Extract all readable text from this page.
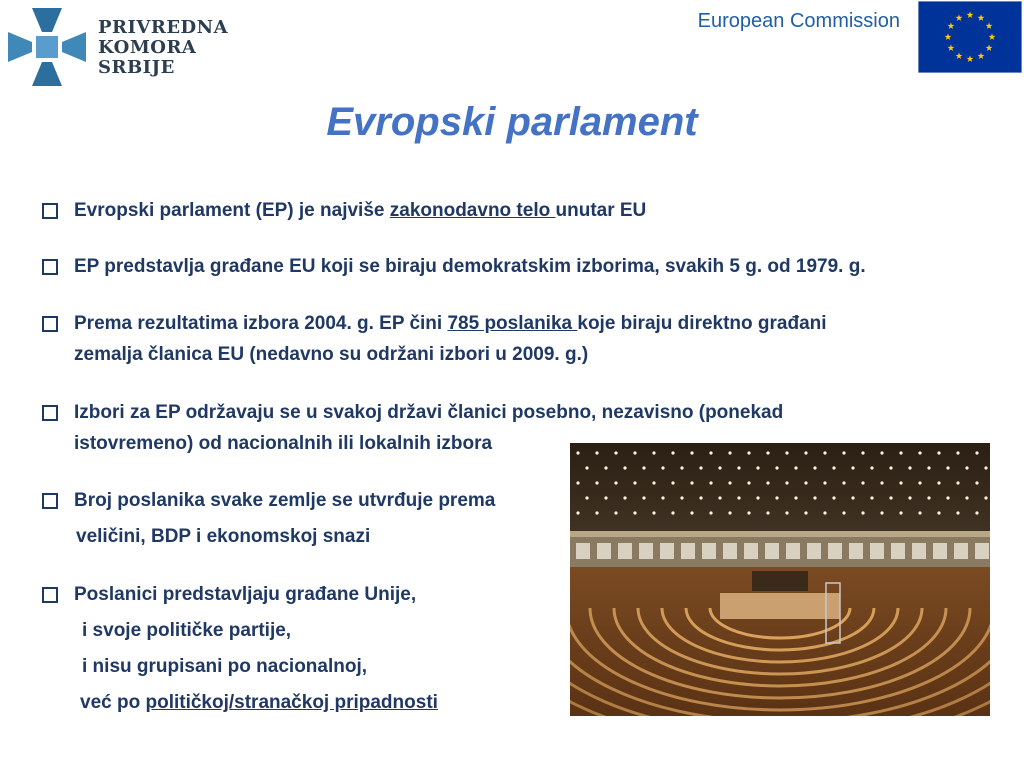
PRIVREDNA
KOMORA
SRBIJE
European Commission
Evropski parlament
Evropski parlament (EP) je najviše zakonodavno telo unutar EU
EP predstavlja građane EU koji se biraju demokratskim izborima, svakih 5 g. od 1979. g.
Prema rezultatima izbora 2004. g. EP čini 785 poslanika koje biraju direktno građani
zemalja članica EU (nedavno su održani izbori u 2009. g.)
Izbori za EP održavaju se u svakoj državi članici posebno, nezavisno (ponekad
istovremeno) od nacionalnih ili lokalnih izbora
Broj poslanika svake zemlje se utvrđuje prema
veličini, BDP i ekonomskoj snazi
Poslanici predstavljaju građane Unije,
i svoje političke partije,
i nisu grupisani po nacionalnoj,
već po političkoj/stranačkoj pripadnosti
